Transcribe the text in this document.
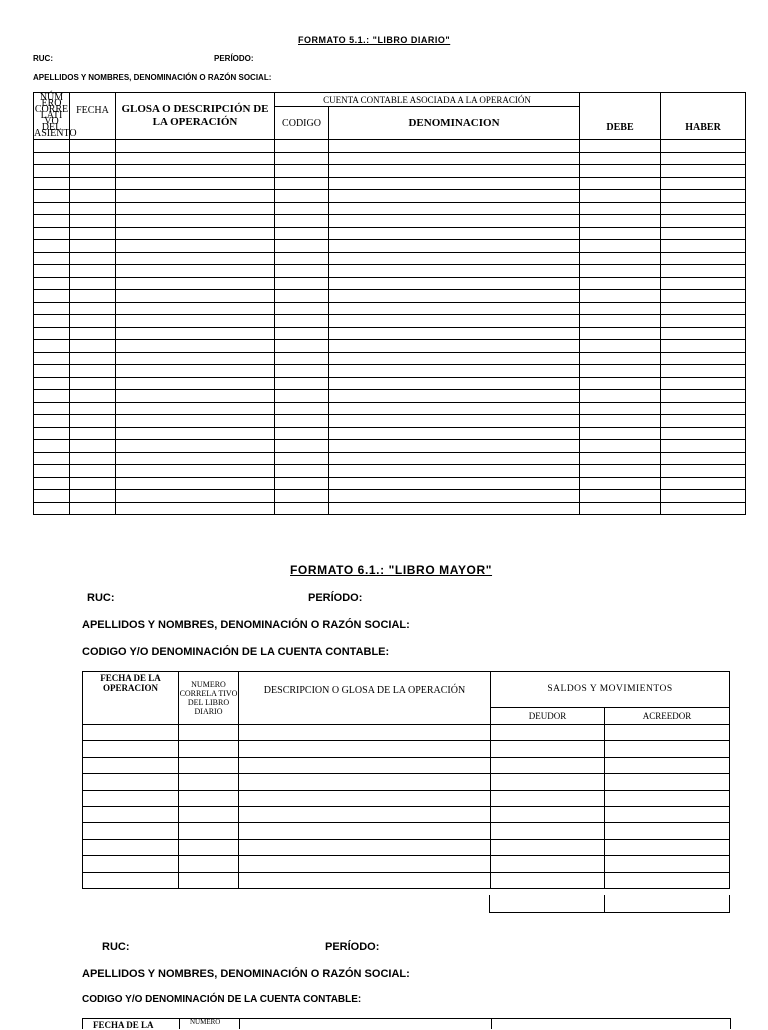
FORMATO 5.1.: "LIBRO DIARIO"
RUC:	PERÍODO:
APELLIDOS Y NOMBRES, DENOMINACIÓN O RAZÓN SOCIAL:
NÚM ERO CORRE LATI VO DEL ASIENTO	FECHA	GLOSA O DESCRIPCIÓN DE LA OPERACIÓN	CUENTA CONTABLE ASOCIADA A LA OPERACIÓN		DEBE	HABER
			CODIGO	DENOMINACION		

FORMATO 6.1.: "LIBRO MAYOR"
RUC:	PERÍODO:
APELLIDOS Y NOMBRES, DENOMINACIÓN O RAZÓN SOCIAL:
CODIGO Y/O DENOMINACIÓN DE LA CUENTA CONTABLE:
FECHA DE LA OPERACION	NUMERO CORRELA TIVO DEL LIBRO DIARIO	DESCRIPCION O GLOSA DE LA OPERACIÓN	SALDOS Y MOVIMIENTOS	
			DEUDOR	ACREEDOR

RUC:	PERÍODO:
APELLIDOS Y NOMBRES, DENOMINACIÓN O RAZÓN SOCIAL:
CODIGO Y/O DENOMINACIÓN DE LA CUENTA CONTABLE:
FECHA DE LA	NUMERO
